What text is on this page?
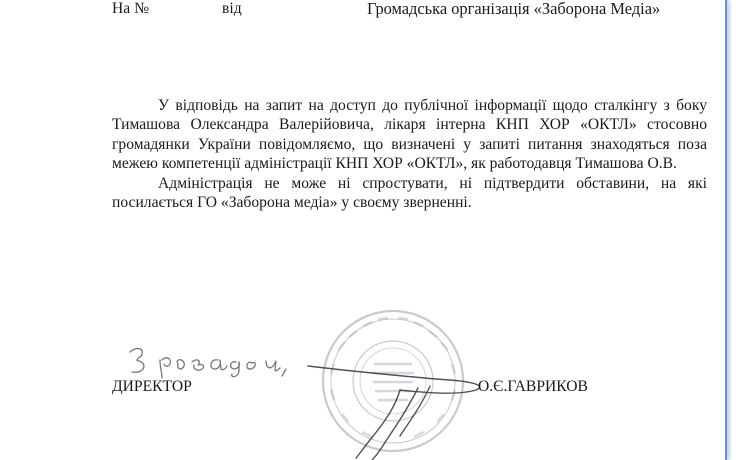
На №	від	Громадська організація «Заборона Медіа»

У відповідь на запит на доступ до публічної інформації щодо сталкінгу з боку Тимашова Олександра Валерійовича, лікаря інтерна КНП ХОР «ОКТЛ» стосовно громадянки України повідомляємо, що визначені у запиті питання знаходяться поза межею компетенції адміністрації КНП ХОР «ОКТЛ», як работодавця Тимашова О.В.

Адміністрація не може ні спростувати, ні підтвердити обставини, на які посилається ГО «Заборона медіа» у своєму зверненні.

ДИРЕКТОР	О.Є.ГАВРИКОВ
